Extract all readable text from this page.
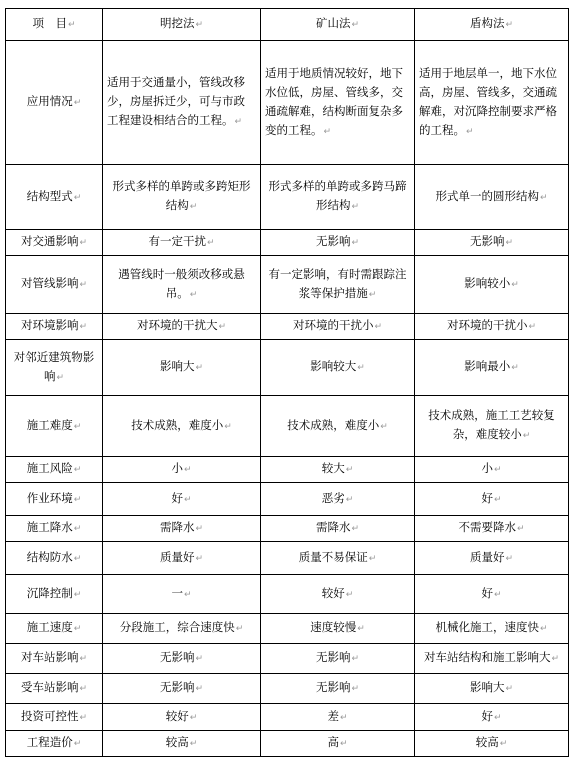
项　目↵	明挖法↵	矿山法↵	盾构法↵
应用情况↵	适用于交通量小，管线改移少，房屋拆迁少，可与市政工程建设相结合的工程。↵	适用于地质情况较好，地下水位低，房屋、管线多，交通疏解难，结构断面复杂多变的工程。↵	适用于地层单一，地下水位高，房屋、管线多，交通疏解难，对沉降控制要求严格的工程。↵
结构型式↵	形式多样的单跨或多跨矩形结构↵	形式多样的单跨或多跨马蹄形结构↵	形式单一的圆形结构↵
对交通影响↵	有一定干扰↵	无影响↵	无影响↵
对管线影响↵	遇管线时一般须改移或悬吊。↵	有一定影响，有时需跟踪注浆等保护措施↵	影响较小↵
对环境影响↵	对环境的干扰大↵	对环境的干扰小↵	对环境的干扰小↵
对邻近建筑物影响↵	影响大↵	影响较大↵	影响最小↵
施工难度↵	技术成熟，难度小↵	技术成熟，难度小↵	技术成熟，施工工艺较复杂，难度较小↵
施工风险↵	小↵	较大↵	小↵
作业环境↵	好↵	恶劣↵	好↵
施工降水↵	需降水↵	需降水↵	不需要降水↵
结构防水↵	质量好↵	质量不易保证↵	质量好↵
沉降控制↵	一↵	较好↵	好↵
施工速度↵	分段施工，综合速度快↵	速度较慢↵	机械化施工，速度快↵
对车站影响↵	无影响↵	无影响↵	对车站结构和施工影响大↵
受车站影响↵	无影响↵	无影响↵	影响大↵
投资可控性↵	较好↵	差↵	好↵
工程造价↵	较高↵	高↵	较高↵
